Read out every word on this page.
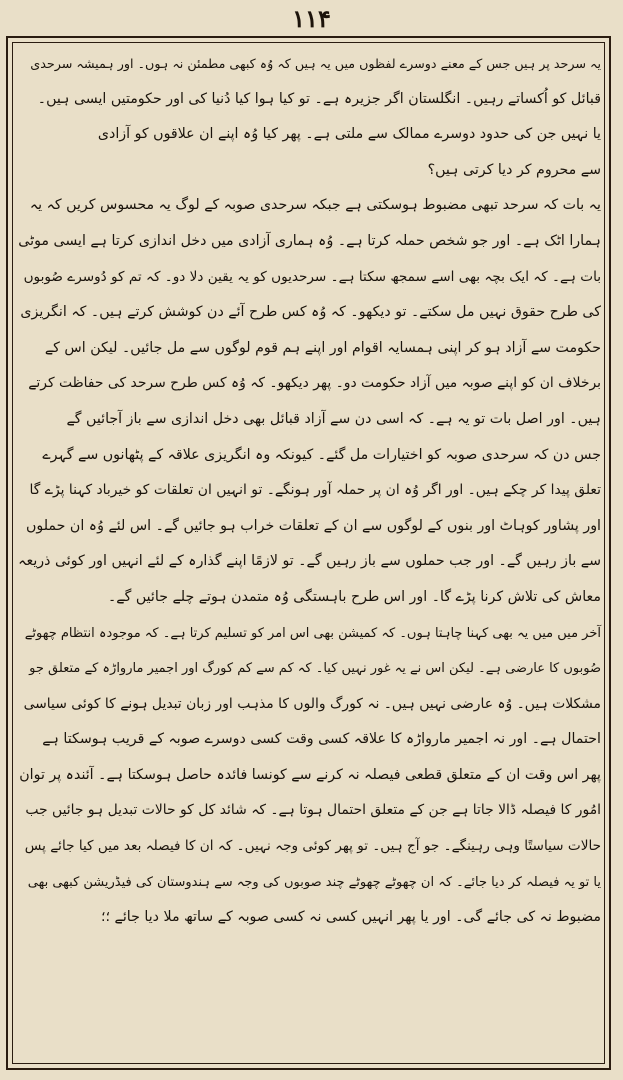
۱۱۴
یہ سرحد پر ہیں جس کے معنے دوسرے لفظوں میں یہ ہیں کہ وُہ کبھی مطمئن نہ ہوں۔ اور ہمیشہ سرحدی
قبائل کو اُکساتے رہیں۔ انگلستان اگر جزیرہ ہے۔ تو کیا ہوا کیا دُنیا کی اور حکومتیں ایسی ہیں۔
یا نہیں جن کی حدود دوسرے ممالک سے ملتی ہے۔ پھر کیا وُہ اپنے ان علاقوں کو آزادی
سے محروم کر دیا کرتی ہیں؟
یہ بات کہ سرحد تبھی مضبوط ہوسکتی ہے جبکہ سرحدی صوبہ کے لوگ یہ محسوس کریں کہ یہ
ہمارا اٹک ہے۔ اور جو شخص حملہ کرتا ہے۔ وُہ ہماری آزادی میں دخل اندازی کرتا ہے ایسی موٹی
بات ہے۔ کہ ایک بچہ بھی اسے سمجھ سکتا ہے۔ سرحدیوں کو یہ یقین دلا دو۔ کہ تم کو دُوسرے صُوبوں
کی طرح حقوق نہیں مل سکتے۔ تو دیکھو۔ کہ وُہ کس طرح آئے دن کوشش کرتے ہیں۔ کہ انگریزی
حکومت سے آزاد ہو کر اپنی ہمسایہ اقوام اور اپنے ہم قوم لوگوں سے مل جائیں۔ لیکن اس کے
برخلاف ان کو اپنے صوبہ میں آزاد حکومت دو۔ پھر دیکھو۔ کہ وُہ کس طرح سرحد کی حفاظت کرتے
ہیں۔ اور اصل بات تو یہ ہے۔ کہ اسی دن سے آزاد قبائل بھی دخل اندازی سے باز آجائیں گے
جس دن کہ سرحدی صوبہ کو اختیارات مل گئے۔ کیونکہ وہ انگریزی علاقہ کے پٹھانوں سے گہرے
تعلق پیدا کر چکے ہیں۔ اور اگر وُہ ان پر حملہ آور ہونگے۔ تو انہیں ان تعلقات کو خیرباد کہنا پڑے گا
اور پشاور کوہاٹ اور بنوں کے لوگوں سے ان کے تعلقات خراب ہو جائیں گے۔ اس لئے وُہ ان حملوں
سے باز رہیں گے۔ اور جب حملوں سے باز رہیں گے۔ تو لازمًا اپنے گذارہ کے لئے انہیں اور کوئی ذریعہ
معاش کی تلاش کرنا پڑے گا۔ اور اس طرح باہستگی وُہ متمدن ہوتے چلے جائیں گے۔
آخر میں میں یہ بھی کہنا چاہتا ہوں۔ کہ کمیشن بھی اس امر کو تسلیم کرتا ہے۔ کہ موجودہ انتظام چھوٹے
صُوبوں کا عارضی ہے۔ لیکن اس نے یہ غور نہیں کیا۔ کہ کم سے کم کورگ اور اجمیر مارواڑہ کے متعلق جو
مشکلات ہیں۔ وُہ عارضی نہیں ہیں۔ نہ کورگ والوں کا مذہب اور زبان تبدیل ہونے کا کوئی سیاسی
احتمال ہے۔ اور نہ اجمیر مارواڑہ کا علاقہ کسی وقت کسی دوسرے صوبہ کے قریب ہوسکتا ہے
پھر اس وقت ان کے متعلق قطعی فیصلہ نہ کرنے سے کونسا فائدہ حاصل ہوسکتا ہے۔ آئندہ پر توان
امُور کا فیصلہ ڈالا جاتا ہے جن کے متعلق احتمال ہوتا ہے۔ کہ شائد کل کو حالات تبدیل ہو جائیں جب
حالات سیاستًا وہی رہینگے۔ جو آج ہیں۔ تو پھر کوئی وجہ نہیں۔ کہ ان کا فیصلہ بعد میں کیا جائے پس
یا تو یہ فیصلہ کر دیا جائے۔ کہ ان چھوٹے چھوٹے چند صوبوں کی وجہ سے ہندوستان کی فیڈریشن کبھی بھی
مضبوط نہ کی جائے گی۔ اور یا پھر انہیں کسی نہ کسی صوبہ کے ساتھ ملا دیا جائے ؛؛
